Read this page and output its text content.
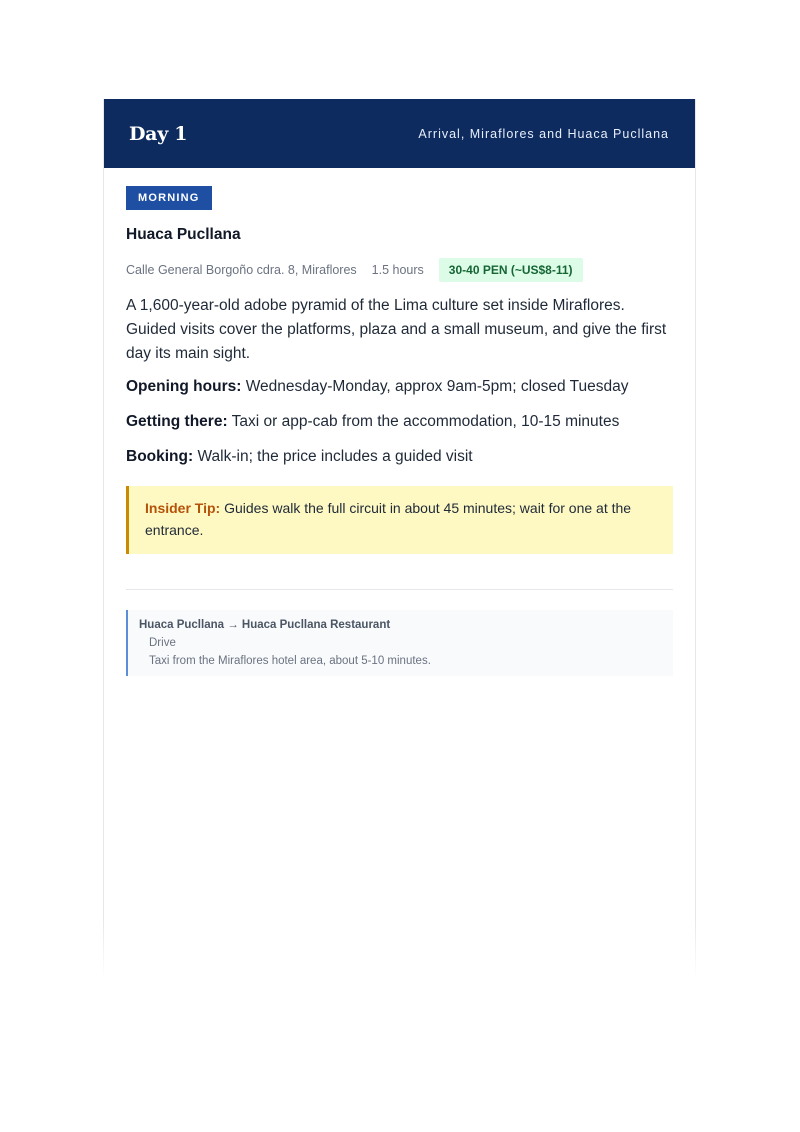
Day 1	Arrival, Miraflores and Huaca Pucllana
MORNING
Huaca Pucllana
Calle General Borgoño cdra. 8, Miraflores 1.5 hours	30-40 PEN (~US$8-11)
A 1,600-year-old adobe pyramid of the Lima culture set inside Miraflores. Guided visits cover the platforms, plaza and a small museum, and give the first day its main sight.
Opening hours: Wednesday-Monday, approx 9am-5pm; closed Tuesday
Getting there: Taxi or app-cab from the accommodation, 10-15 minutes
Booking: Walk-in; the price includes a guided visit
Insider Tip: Guides walk the full circuit in about 45 minutes; wait for one at the entrance.
Huaca Pucllana → Huaca Pucllana Restaurant
Drive
Taxi from the Miraflores hotel area, about 5-10 minutes.
